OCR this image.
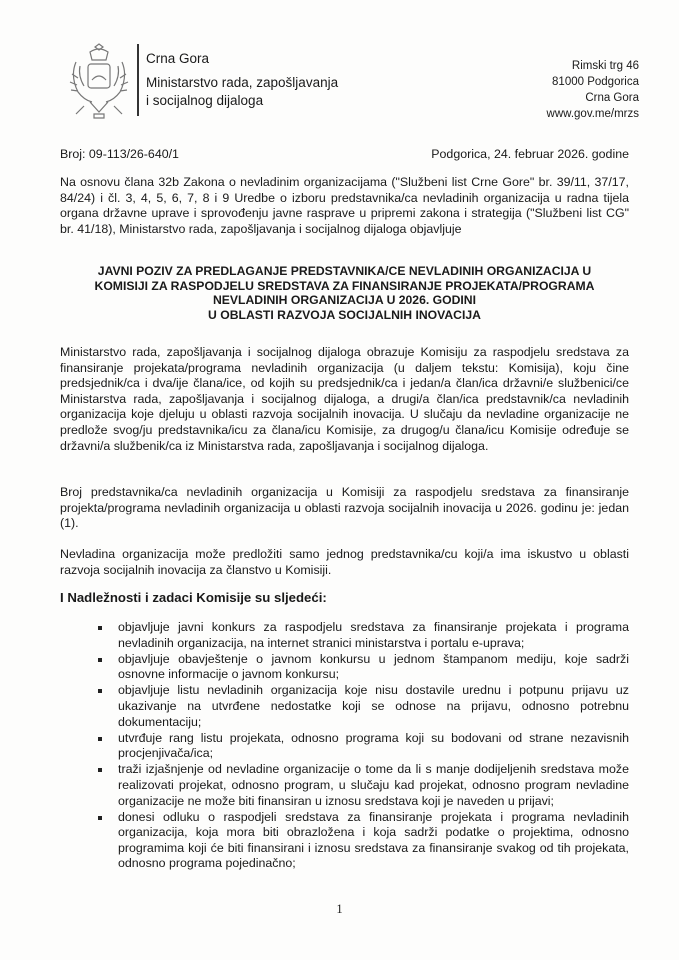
Crna Gora
Ministarstvo rada, zapošljavanja
i socijalnog dijaloga
Rimski trg 46
81000 Podgorica
Crna Gora
www.gov.me/mrzs
Broj: 09-113/26-640/1	Podgorica, 24. februar 2026. godine
Na osnovu člana 32b Zakona o nevladinim organizacijama ("Službeni list Crne Gore" br. 39/11, 37/17, 84/24) i čl. 3, 4, 5, 6, 7, 8 i 9 Uredbe o izboru predstavnika/ca nevladinih organizacija u radna tijela organa državne uprave i sprovođenju javne rasprave u pripremi zakona i strategija ("Službeni list CG" br. 41/18), Ministarstvo rada, zapošljavanja i socijalnog dijaloga objavljuje
JAVNI POZIV ZA PREDLAGANJE PREDSTAVNIKA/CE NEVLADINIH ORGANIZACIJA U
KOMISIJI ZA RASPODJELU SREDSTAVA ZA FINANSIRANJE PROJEKATA/PROGRAMA
NEVLADINIH ORGANIZACIJA U 2026. GODINI
U OBLASTI RAZVOJA SOCIJALNIH INOVACIJA
Ministarstvo rada, zapošljavanja i socijalnog dijaloga obrazuje Komisiju za raspodjelu sredstava za finansiranje projekata/programa nevladinih organizacija (u daljem tekstu: Komisija), koju čine predsjednik/ca i dva/ije člana/ice, od kojih su predsjednik/ca i jedan/a član/ica državni/e službenici/ce Ministarstva rada, zapošljavanja i socijalnog dijaloga, a drugi/a član/ica predstavnik/ca nevladinih organizacija koje djeluju u oblasti razvoja socijalnih inovacija. U slučaju da nevladine organizacije ne predlože svog/ju predstavnika/icu za člana/icu Komisije, za drugog/u člana/icu Komisije određuje se državni/a službenik/ca iz Ministarstva rada, zapošljavanja i socijalnog dijaloga.
Broj predstavnika/ca nevladinih organizacija u Komisiji za raspodjelu sredstava za finansiranje projekta/programa nevladinih organizacija u oblasti razvoja socijalnih inovacija u 2026. godinu je: jedan (1).
Nevladina organizacija može predložiti samo jednog predstavnika/cu koji/a ima iskustvo u oblasti razvoja socijalnih inovacija za članstvo u Komisiji.
I Nadležnosti i zadaci Komisije su sljedeći:
objavljuje javni konkurs za raspodjelu sredstava za finansiranje projekata i programa nevladinih organizacija, na internet stranici ministarstva i portalu e-uprava;
objavljuje obavještenje o javnom konkursu u jednom štampanom mediju, koje sadrži osnovne informacije o javnom konkursu;
objavljuje listu nevladinih organizacija koje nisu dostavile urednu i potpunu prijavu uz ukazivanje na utvrđene nedostatke koji se odnose na prijavu, odnosno potrebnu dokumentaciju;
utvrđuje rang listu projekata, odnosno programa koji su bodovani od strane nezavisnih procjenjivača/ica;
traži izjašnjenje od nevladine organizacije o tome da li s manje dodijeljenih sredstava može realizovati projekat, odnosno program, u slučaju kad projekat, odnosno program nevladine organizacije ne može biti finansiran u iznosu sredstava koji je naveden u prijavi;
donesi odluku o raspodjeli sredstava za finansiranje projekata i programa nevladinih organizacija, koja mora biti obrazložena i koja sadrži podatke o projektima, odnosno programima koji će biti finansirani i iznosu sredstava za finansiranje svakog od tih projekata, odnosno programa pojedinačno;
1
